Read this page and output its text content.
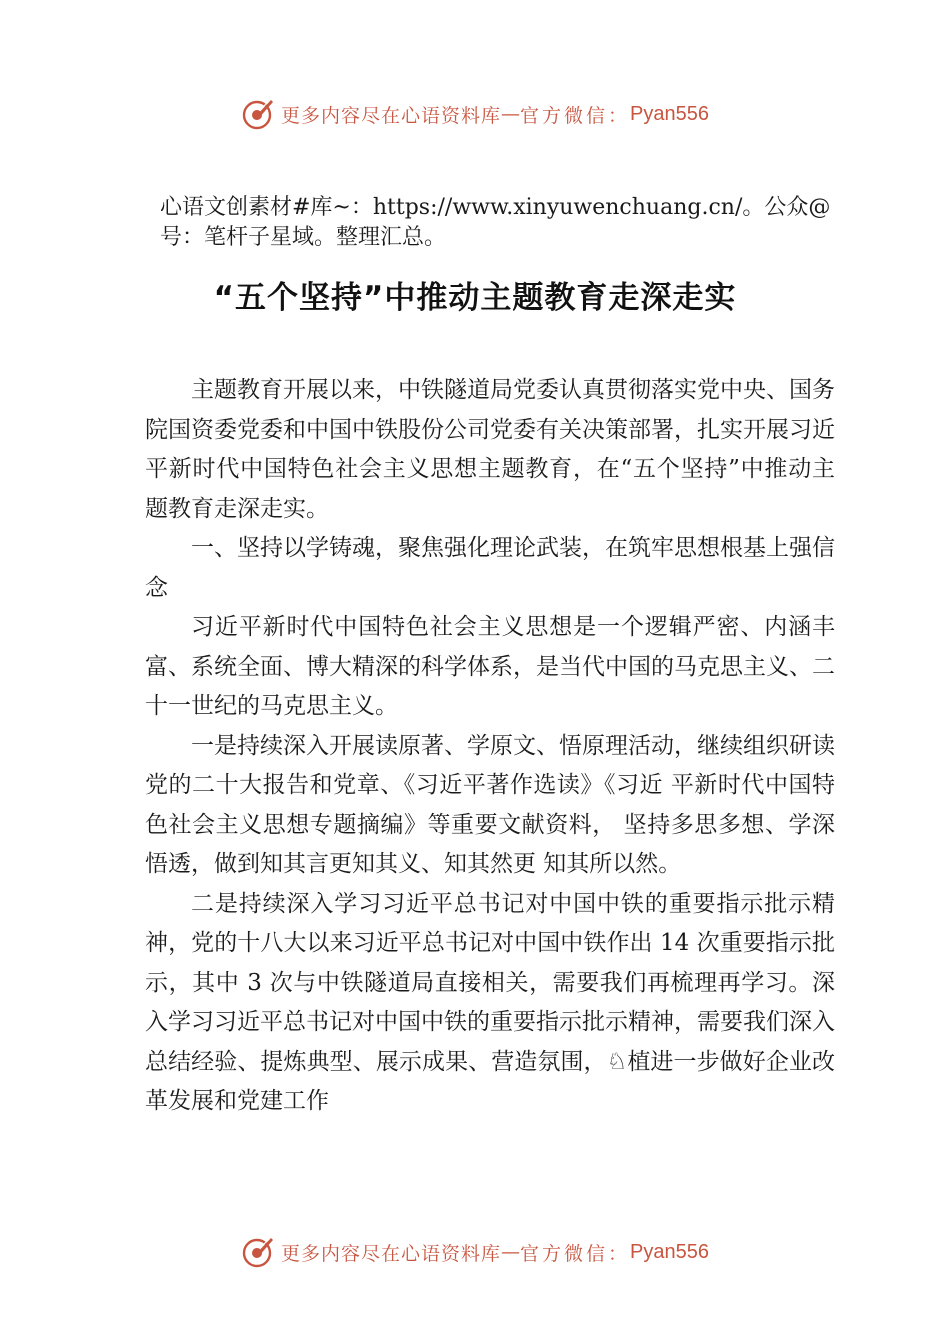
更多内容尽在心语资料库 — 官方微信： Pyan556
心语文创素材#库~：https://www.xinyuwenchuang.cn/。公众@号：笔杆子星域。整理汇总。
“五个坚持”中推动主题教育走深走实

主题教育开展以来，中铁隧道局党委认真贯彻落实党中央、国务院国资委党委和中国中铁股份公司党委有关决策部署，扎实开展习近平新时代中国特色社会主义思想主题教育，在“五个坚持”中推动主题教育走深走实。

一、坚持以学铸魂，聚焦强化理论武装，在筑牢思想根基上强信念

习近平新时代中国特色社会主义思想是一个逻辑严密、内涵丰富、系统全面、博大精深的科学体系，是当代中国的马克思主义、二十一世纪的马克思主义。

一是持续深入开展读原著、学原文、悟原理活动，继续组织研读党的二十大报告和党章、《习近平著作选读》《习近 平新时代中国特色社会主义思想专题摘编》等重要文献资料， 坚持多思多想、学深悟透，做到知其言更知其义、知其然更 知其所以然。

二是持续深入学习习近平总书记对中国中铁的重要指示批示精神，党的十八大以来习近平总书记对中国中铁作出 14 次重要指示批示，其中 3 次与中铁隧道局直接相关，需要我们再梳理再学习。深入学习习近平总书记对中国中铁的重要指示批示精神，需要我们深入总结经验、提炼典型、展示成果、营造氛围，♘植进一步做好企业改革发展和党建工作

更多内容尽在心语资料库 — 官方微信： Pyan556
